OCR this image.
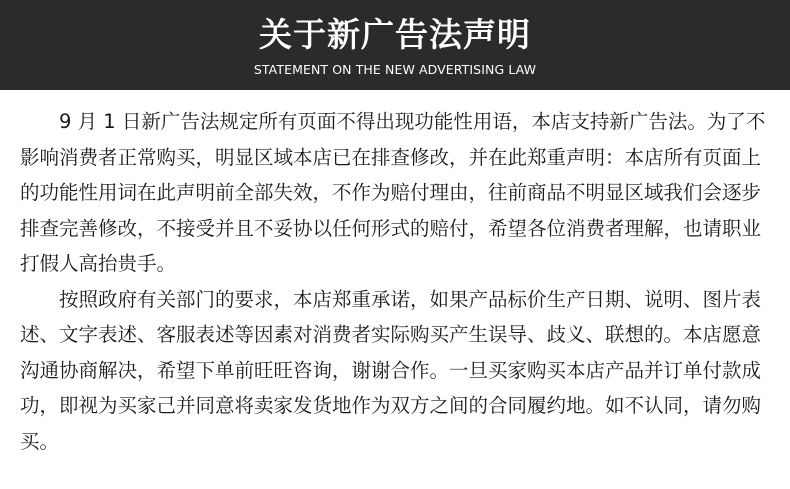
关于新广告法声明
STATEMENT ON THE NEW ADVERTISING LAW

9 月 1 日新广告法规定所有页面不得出现功能性用语，本店支持新广告法。为了不影响消费者正常购买，明显区域本店已在排查修改，并在此郑重声明：本店所有页面上的功能性用词在此声明前全部失效，不作为赔付理由，往前商品不明显区域我们会逐步排查完善修改，不接受并且不妥协以任何形式的赔付，希望各位消费者理解，也请职业打假人高抬贵手。

按照政府有关部门的要求，本店郑重承诺，如果产品标价生产日期、说明、图片表述、文字表述、客服表述等因素对消费者实际购买产生误导、歧义、联想的。本店愿意沟通协商解决，希望下单前旺旺咨询，谢谢合作。一旦买家购买本店产品并订单付款成功，即视为买家己并同意将卖家发货地作为双方之间的合同履约地。如不认同，请勿购买。
